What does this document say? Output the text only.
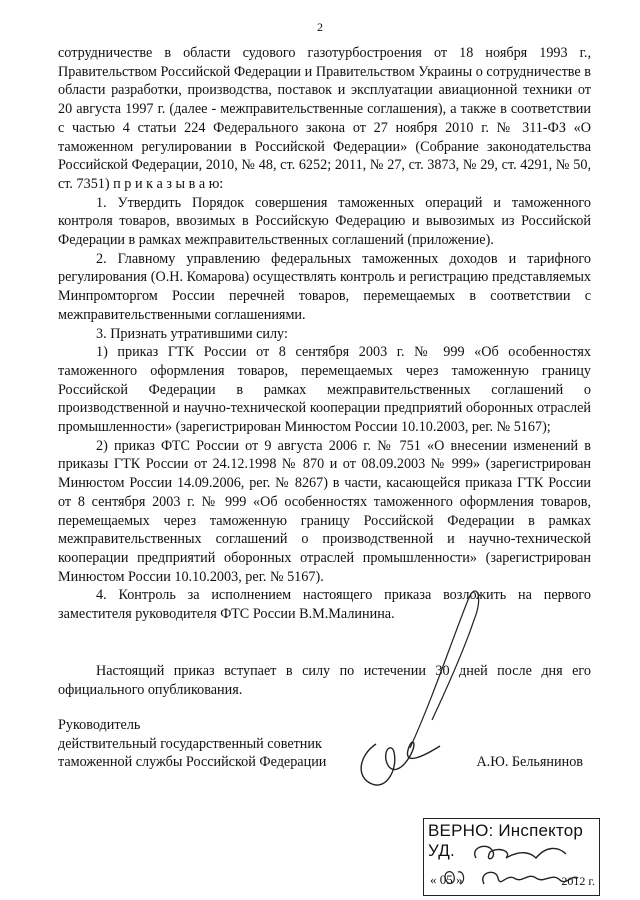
2

сотрудничестве в области судового газотурбостроения от 18 ноября 1993 г., Правительством Российской Федерации и Правительством Украины о сотрудничестве в области разработки, производства, поставок и эксплуатации авиационной техники от 20 августа 1997 г. (далее - межправительственные соглашения), а также в соответствии с частью 4 статьи 224 Федерального закона от 27 ноября 2010 г. № 311-ФЗ «О таможенном регулировании в Российской Федерации» (Собрание законодательства Российской Федерации, 2010, № 48, ст. 6252; 2011, № 27, ст. 3873, № 29, ст. 4291, № 50, ст. 7351) п р и к а з ы в а ю:

1. Утвердить Порядок совершения таможенных операций и таможенного контроля товаров, ввозимых в Российскую Федерацию и вывозимых из Российской Федерации в рамках межправительственных соглашений (приложение).

2. Главному управлению федеральных таможенных доходов и тарифного регулирования (О.Н. Комарова) осуществлять контроль и регистрацию представляемых Минпромторгом России перечней товаров, перемещаемых в соответствии с межправительственными соглашениями.

3. Признать утратившими силу:

1) приказ ГТК России от 8 сентября 2003 г. № 999 «Об особенностях таможенного оформления товаров, перемещаемых через таможенную границу Российской Федерации в рамках межправительственных соглашений о производственной и научно-технической кооперации предприятий оборонных отраслей промышленности» (зарегистрирован Минюстом России 10.10.2003, рег. № 5167);

2) приказ ФТС России от 9 августа 2006 г. № 751 «О внесении изменений в приказы ГТК России от 24.12.1998 № 870 и от 08.09.2003 № 999» (зарегистрирован Минюстом России 14.09.2006, рег. № 8267) в части, касающейся приказа ГТК России от 8 сентября 2003 г. № 999 «Об особенностях таможенного оформления товаров, перемещаемых через таможенную границу Российской Федерации в рамках межправительственных соглашений о производственной и научно-технической кооперации предприятий оборонных отраслей промышленности» (зарегистрирован Минюстом России 10.10.2003, рег. № 5167).

4. Контроль за исполнением настоящего приказа возложить на первого заместителя руководителя ФТС России В.М.Малинина.

Настоящий приказ вступает в силу по истечении 30 дней после дня его официального опубликования.

Руководитель
действительный государственный советник
таможенной службы Российской Федерации	А.Ю. Бельянинов
ВЕРНО: Инспектор УД.
« 05 »	2012 г.
